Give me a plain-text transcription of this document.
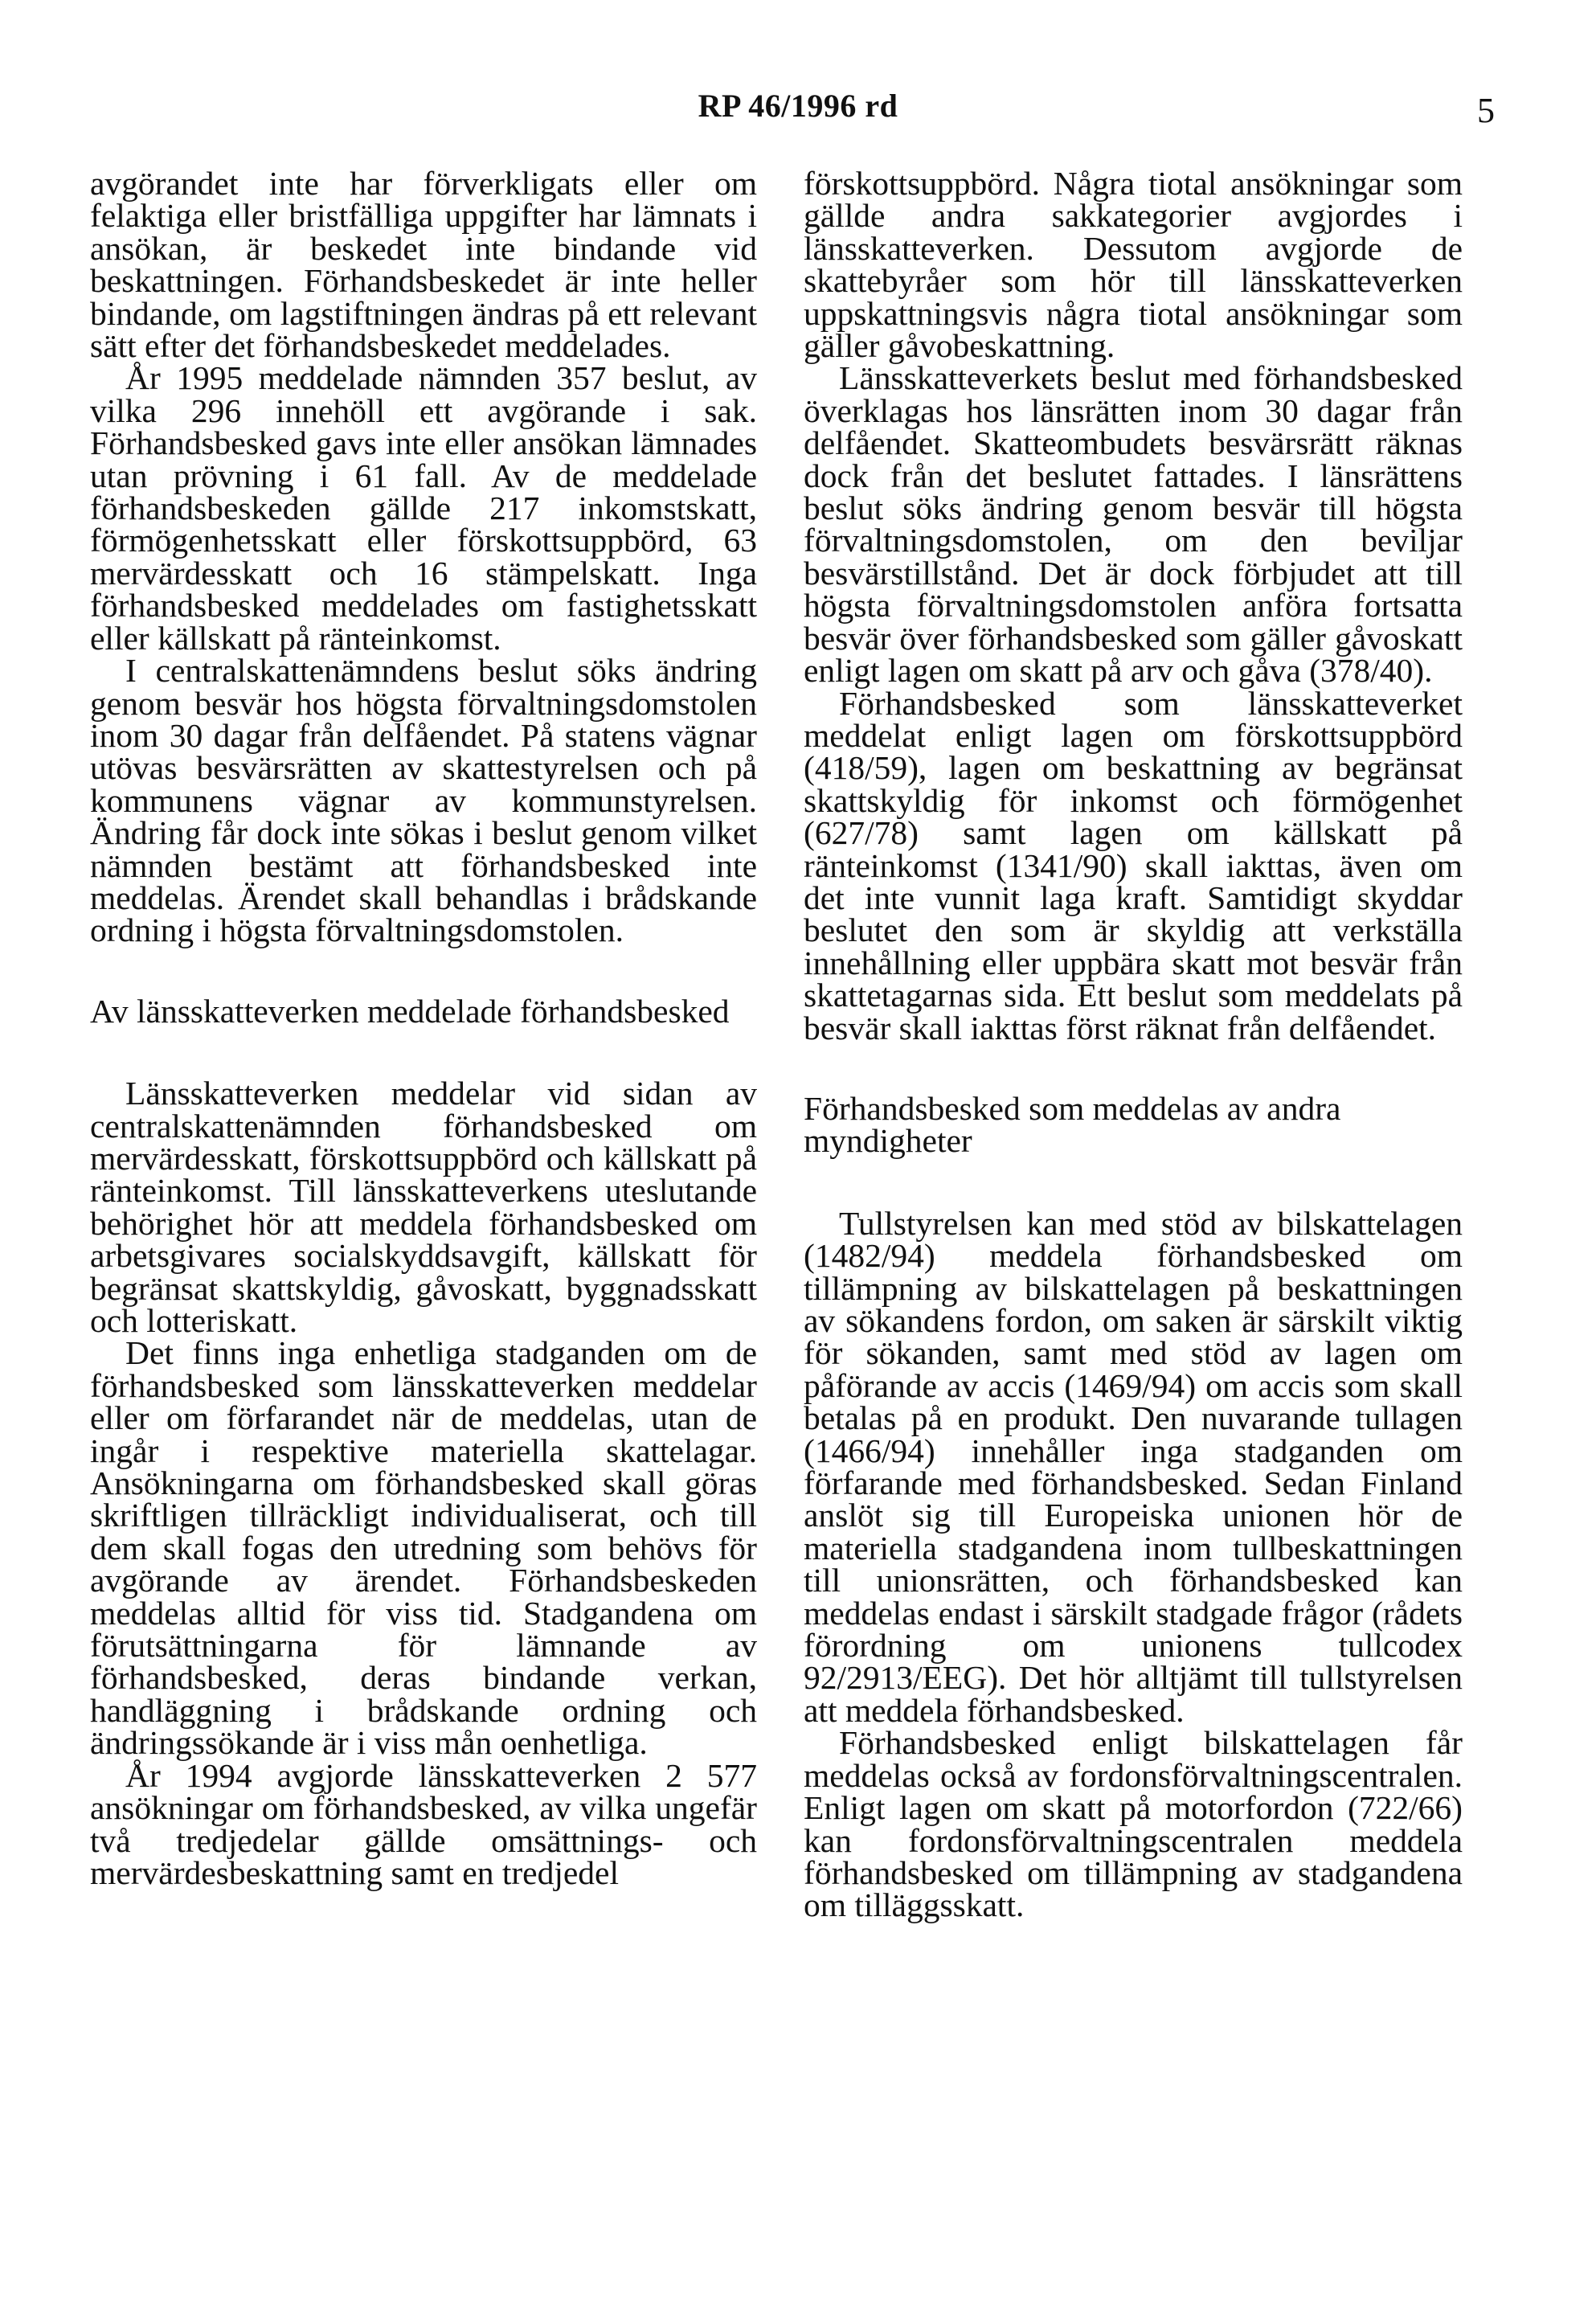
RP 46/1996 rd	5

avgörandet inte har förverkligats eller om felaktiga eller bristfälliga uppgifter har lämnats i ansökan, är beskedet inte bindande vid beskattningen. Förhandsbeskedet är inte heller bindande, om lagstiftningen ändras på ett relevant sätt efter det förhandsbeskedet meddelades.

År 1995 meddelade nämnden 357 beslut, av vilka 296 innehöll ett avgörande i sak. Förhandsbesked gavs inte eller ansökan lämnades utan prövning i 61 fall. Av de meddelade förhandsbeskeden gällde 217 inkomstskatt, förmögenhetsskatt eller förskottsuppbörd, 63 mervärdesskatt och 16 stämpelskatt. Inga förhandsbesked meddelades om fastighetsskatt eller källskatt på ränteinkomst.

I centralskattenämndens beslut söks ändring genom besvär hos högsta förvaltningsdomstolen inom 30 dagar från delfåendet. På statens vägnar utövas besvärsrätten av skattestyrelsen och på kommunens vägnar av kommunstyrelsen. Ändring får dock inte sökas i beslut genom vilket nämnden bestämt att förhandsbesked inte meddelas. Ärendet skall behandlas i brådskande ordning i högsta förvaltningsdomstolen.

Av länsskatteverken meddelade förhandsbesked

Länsskatteverken meddelar vid sidan av centralskattenämnden förhandsbesked om mervärdesskatt, förskottsuppbörd och källskatt på ränteinkomst. Till länsskatteverkens uteslutande behörighet hör att meddela förhandsbesked om arbetsgivares socialskyddsavgift, källskatt för begränsat skattskyldig, gåvoskatt, byggnadsskatt och lotteriskatt.

Det finns inga enhetliga stadganden om de förhandsbesked som länsskatteverken meddelar eller om förfarandet när de meddelas, utan de ingår i respektive materiella skattelagar. Ansökningarna om förhandsbesked skall göras skriftligen tillräckligt individualiserat, och till dem skall fogas den utredning som behövs för avgörande av ärendet. Förhandsbeskeden meddelas alltid för viss tid. Stadgandena om förutsättningarna för lämnande av förhandsbesked, deras bindande verkan, handläggning i brådskande ordning och ändringssökande är i viss mån oenhetliga.

År 1994 avgjorde länsskatteverken 2 577 ansökningar om förhandsbesked, av vilka ungefär två tredjedelar gällde omsättnings- och mervärdesbeskattning samt en tredjedel

förskottsuppbörd. Några tiotal ansökningar som gällde andra sakkategorier avgjordes i länsskatteverken. Dessutom avgjorde de skattebyråer som hör till länsskatteverken uppskattningsvis några tiotal ansökningar som gäller gåvobeskattning.

Länsskatteverkets beslut med förhandsbesked överklagas hos länsrätten inom 30 dagar från delfåendet. Skatteombudets besvärsrätt räknas dock från det beslutet fattades. I länsrättens beslut söks ändring genom besvär till högsta förvaltningsdomstolen, om den beviljar besvärstillstånd. Det är dock förbjudet att till högsta förvaltningsdomstolen anföra fortsatta besvär över förhandsbesked som gäller gåvoskatt enligt lagen om skatt på arv och gåva (378/40).

Förhandsbesked som länsskatteverket meddelat enligt lagen om förskottsuppbörd (418/59), lagen om beskattning av begränsat skattskyldig för inkomst och förmögenhet (627/78) samt lagen om källskatt på ränteinkomst (1341/90) skall iakttas, även om det inte vunnit laga kraft. Samtidigt skyddar beslutet den som är skyldig att verkställa innehållning eller uppbära skatt mot besvär från skattetagarnas sida. Ett beslut som meddelats på besvär skall iakttas först räknat från delfåendet.

Förhandsbesked som meddelas av andra myndigheter

Tullstyrelsen kan med stöd av bilskattelagen (1482/94) meddela förhandsbesked om tillämpning av bilskattelagen på beskattningen av sökandens fordon, om saken är särskilt viktig för sökanden, samt med stöd av lagen om påförande av accis (1469/94) om accis som skall betalas på en produkt. Den nuvarande tullagen (1466/94) innehåller inga stadganden om förfarande med förhandsbesked. Sedan Finland anslöt sig till Europeiska unionen hör de materiella stadgandena inom tullbeskattningen till unionsrätten, och förhandsbesked kan meddelas endast i särskilt stadgade frågor (rådets förordning om unionens tullcodex 92/2913/EEG). Det hör alltjämt till tullstyrelsen att meddela förhandsbesked.

Förhandsbesked enligt bilskattelagen får meddelas också av fordonsförvaltningscentralen. Enligt lagen om skatt på motorfordon (722/66) kan fordonsförvaltningscentralen meddela förhandsbesked om tillämpning av stadgandena om tilläggsskatt.
